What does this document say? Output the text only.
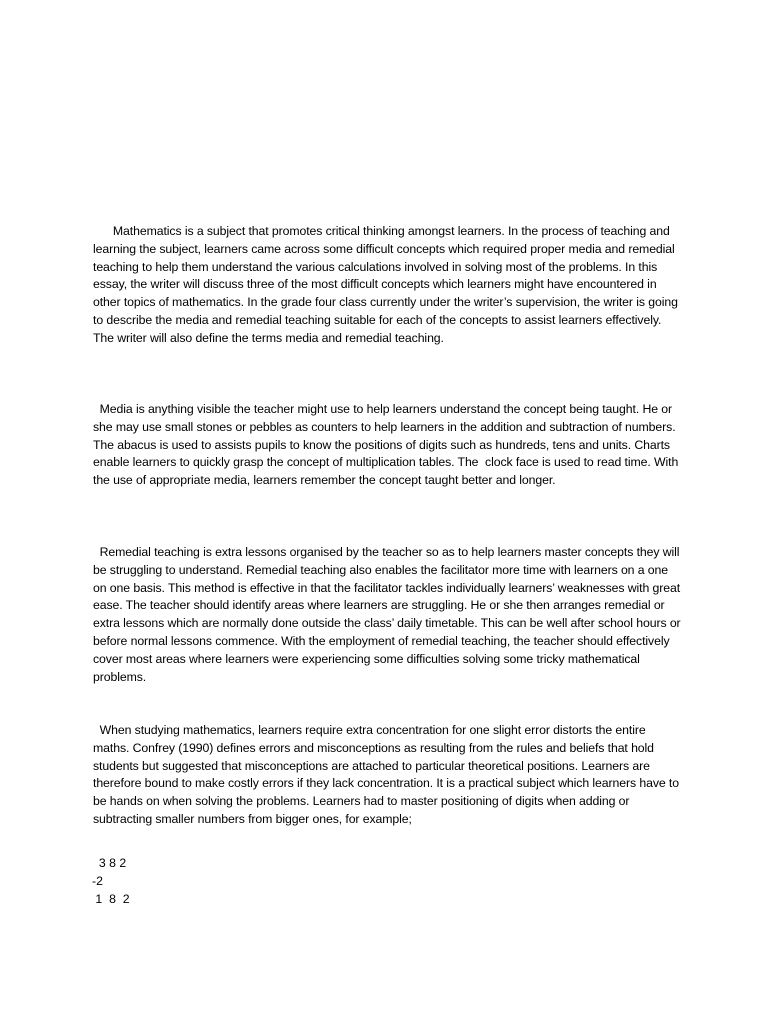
Mathematics is a subject that promotes critical thinking amongst learners. In the process of teaching and learning the subject, learners came across some difficult concepts which required proper media and remedial teaching to help them understand the various calculations involved in solving most of the problems. In this essay, the writer will discuss three of the most difficult concepts which learners might have encountered in other topics of mathematics. In the grade four class currently under the writer’s supervision, the writer is going to describe the media and remedial teaching suitable for each of the concepts to assist learners effectively. The writer will also define the terms media and remedial teaching.

Media is anything visible the teacher might use to help learners understand the concept being taught. He or she may use small stones or pebbles as counters to help learners in the addition and subtraction of numbers. The abacus is used to assists pupils to know the positions of digits such as hundreds, tens and units. Charts enable learners to quickly grasp the concept of multiplication tables. The  clock face is used to read time. With the use of appropriate media, learners remember the concept taught better and longer.

Remedial teaching is extra lessons organised by the teacher so as to help learners master concepts they will be struggling to understand. Remedial teaching also enables the facilitator more time with learners on a one on one basis. This method is effective in that the facilitator tackles individually learners’ weaknesses with great ease. The teacher should identify areas where learners are struggling. He or she then arranges remedial or extra lessons which are normally done outside the class’ daily timetable. This can be well after school hours or before normal lessons commence. With the employment of remedial teaching, the teacher should effectively cover most areas where learners were experiencing some difficulties solving some tricky mathematical problems.

When studying mathematics, learners require extra concentration for one slight error distorts the entire maths. Confrey (1990) defines errors and misconceptions as resulting from the rules and beliefs that hold students but suggested that misconceptions are attached to particular theoretical positions. Learners are therefore bound to make costly errors if they lack concentration. It is a practical subject which learners have to be hands on when solving the problems. Learners had to master positioning of digits when adding or subtracting smaller numbers from bigger ones, for example;

3 8 2

-2

1  8  2
